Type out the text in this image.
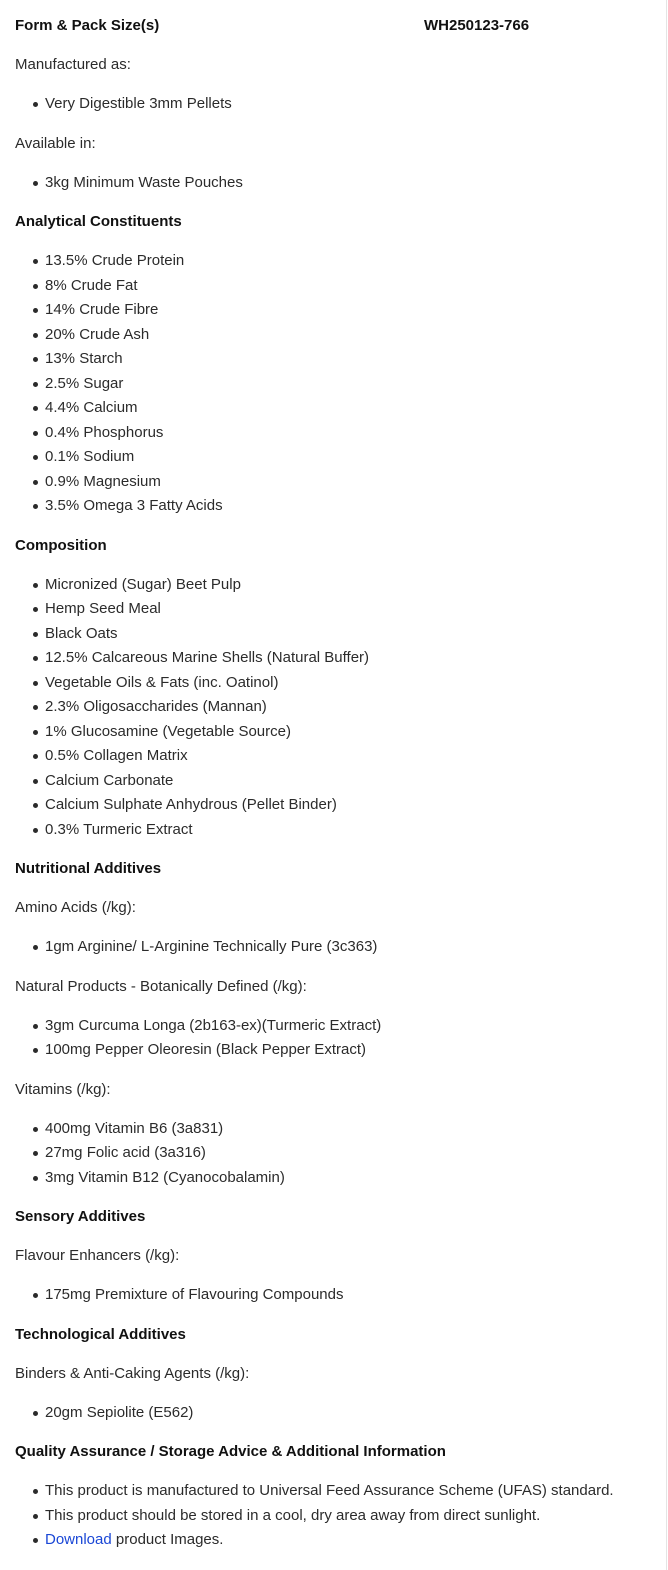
Form & Pack Size(s)	WH250123-766

Manufactured as:

Very Digestible 3mm Pellets

Available in:

3kg Minimum Waste Pouches
Analytical Constituents
13.5% Crude Protein
8% Crude Fat
14% Crude Fibre
20% Crude Ash
13% Starch
2.5% Sugar
4.4% Calcium
0.4% Phosphorus
0.1% Sodium
0.9% Magnesium
3.5% Omega 3 Fatty Acids
Composition
Micronized (Sugar) Beet Pulp
Hemp Seed Meal
Black Oats
12.5% Calcareous Marine Shells (Natural Buffer)
Vegetable Oils & Fats (inc. Oatinol)
2.3% Oligosaccharides (Mannan)
1% Glucosamine (Vegetable Source)
0.5% Collagen Matrix
Calcium Carbonate
Calcium Sulphate Anhydrous (Pellet Binder)
0.3% Turmeric Extract
Nutritional Additives

Amino Acids (/kg):

1gm Arginine/ L-Arginine Technically Pure (3c363)

Natural Products - Botanically Defined (/kg):

3gm Curcuma Longa (2b163-ex)(Turmeric Extract)
100mg Pepper Oleoresin (Black Pepper Extract)

Vitamins (/kg):

400mg Vitamin B6 (3a831)
27mg Folic acid (3a316)
3mg Vitamin B12 (Cyanocobalamin)
Sensory Additives

Flavour Enhancers (/kg):

175mg Premixture of Flavouring Compounds
Technological Additives

Binders & Anti-Caking Agents (/kg):

20gm Sepiolite (E562)
Quality Assurance / Storage Advice & Additional Information
This product is manufactured to Universal Feed Assurance Scheme (UFAS) standard.
This product should be stored in a cool, dry area away from direct sunlight.
Download product Images.
